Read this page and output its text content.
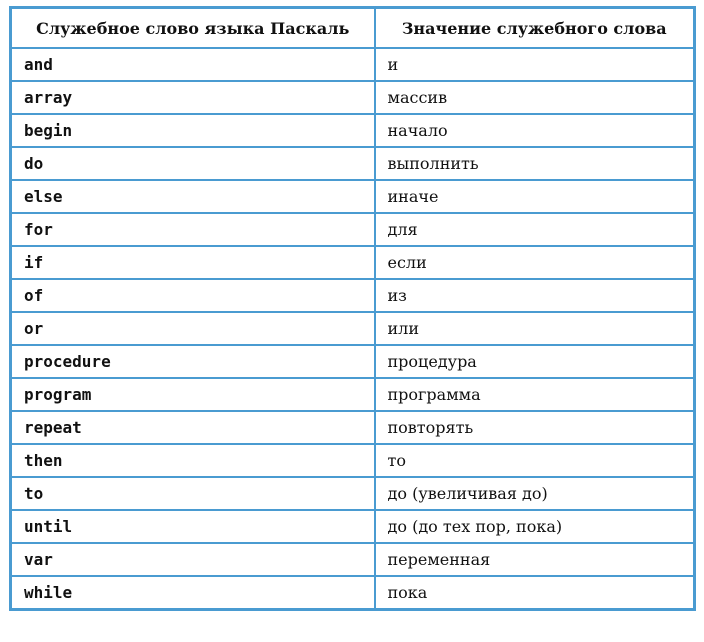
Служебное слово языка Паскаль	Значение служебного слова
and	и
array	массив
begin	начало
do	выполнить
else	иначе
for	для
if	если
of	из
or	или
procedure	процедура
program	программа
repeat	повторять
then	то
to	до (увеличивая до)
until	до (до тех пор, пока)
var	переменная
while	пока
